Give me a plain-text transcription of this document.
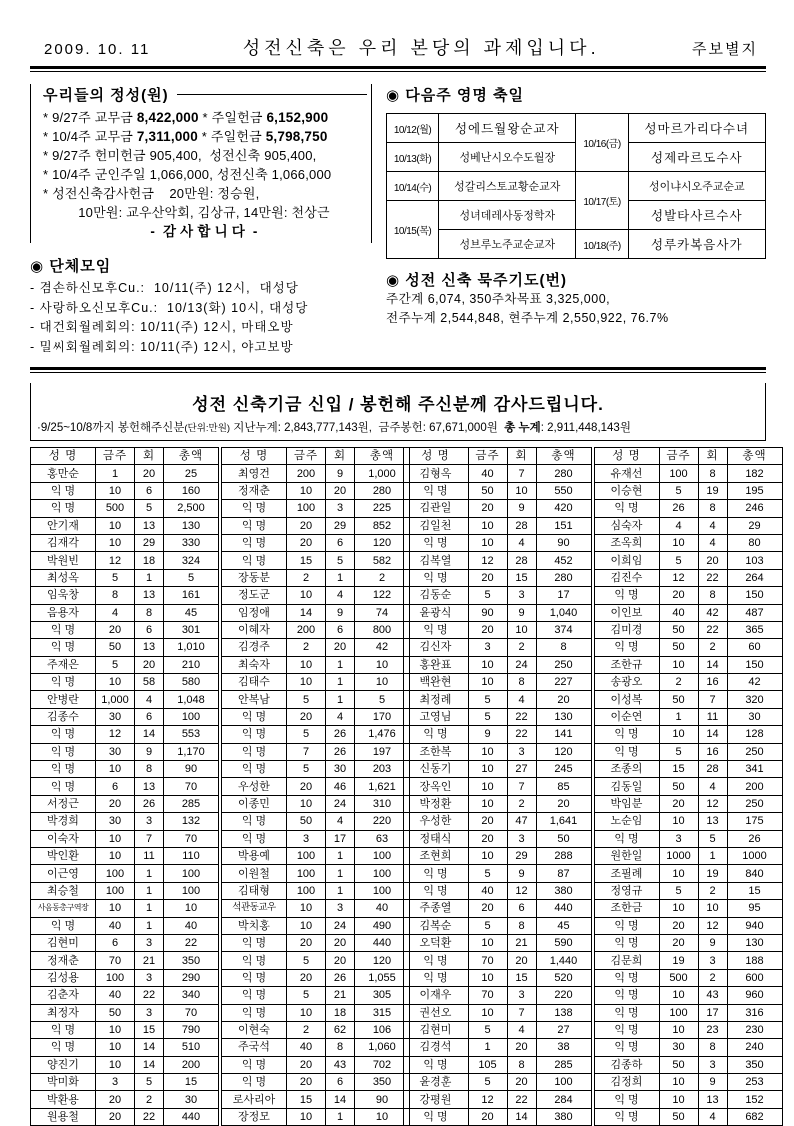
2009. 10. 11	성전신축은 우리 본당의 과제입니다.	주보별지
우리들의 정성(원)
* 9/27주 교무금 8,422,000 * 주일헌금 6,152,900
* 10/4주 교무금 7,311,000 * 주일헌금 5,798,750
* 9/27주 헌미헌금 905,400,  성전신축 905,400,
* 10/4주 군인주일 1,066,000, 성전신축 1,066,000
* 성전신축감사헌금    20만원: 정승원,
10만원: 교우산악회, 김상규, 14만원: 천상근
-  감 사 합 니 다  -
◉ 단체모임
- 겸손하신모후Cu.:  10/11(주) 12시,  대성당
- 사랑하오신모후Cu.:  10/13(화) 10시, 대성당
- 대건회월례회의: 10/11(주) 12시, 마태오방
- 밀씨회월례회의: 10/11(주) 12시, 야고보방
◉ 다음주 영명 축일
10/12(월)	성에드월왕순교자	10/16(금)	성마르가리다수녀
10/13(화)	성베난시오수도월장		성제라르도수사
10/14(수)	성갈리스토교황순교자	10/17(토)	성이냐시오주교순교
10/15(목)	성녀데레사동정학자		성발타사르수사
	성브루노주교순교자	10/18(주)	성루카복음사가
◉ 성전 신축 묵주기도(번)
주간계 6,074, 350주차목표 3,325,000,
전주누계 2,544,848, 현주누계 2,550,922, 76.7%
성전 신축기금 신입 / 봉헌해 주신분께 감사드립니다.
·9/25~10/8까지 봉헌해주신분(단위:만원) 지난누계: 2,843,777,143원,  금주봉헌: 67,671,000원  총 누계: 2,911,448,143원
성 명	금주	회	총액
홍만순	1	20	25
익 명	10	6	160
익 명	500	5	2,500
안기재	10	13	130
김재각	10	29	330
박원빈	12	18	324
최성옥	5	1	5
임욱창	8	13	161
음용자	4	8	45
익 명	20	6	301
익 명	50	13	1,010
주재은	5	20	210
익 명	10	58	580
안병란	1,000	4	1,048
김종수	30	6	100
익 명	12	14	553
익 명	30	9	1,170
익 명	10	8	90
익 명	6	13	70
서정근	20	26	285
박경희	30	3	132
이숙자	10	7	70
박인환	10	11	110
이근영	100	1	100
최승철	100	1	100
사음동총구역장	10	1	10
익 명	40	1	40
김현미	6	3	22
정재춘	70	21	350
김성용	100	3	290
김춘자	40	22	340
최정자	50	3	70
익 명	10	15	790
익 명	10	14	510
양진기	10	14	200
박미화	3	5	15
박환용	20	2	30
원용철	20	22	440
성 명	금주	회	총액
최영건	200	9	1,000
정재춘	10	20	280
익 명	100	3	225
익 명	20	29	852
익 명	20	6	120
익 명	15	5	582
장동분	2	1	2
정도군	10	4	122
임정애	14	9	74
이혜자	200	6	800
김경주	2	20	42
최숙자	10	1	10
김태수	10	1	10
안복남	5	1	5
익 명	20	4	170
익 명	5	26	1,476
익 명	7	26	197
익 명	5	30	203
우성한	20	46	1,621
이종민	10	24	310
익 명	50	4	220
익 명	3	17	63
박용예	100	1	100
이원철	100	1	100
김태형	100	1	100
석관동교우	10	3	40
박치홍	10	24	490
익 명	20	20	440
익 명	5	20	120
익 명	20	26	1,055
익 명	5	21	305
익 명	10	18	315
이현숙	2	62	106
주국석	40	8	1,060
익 명	20	43	702
익 명	20	6	350
로사리아	15	14	90
장정모	10	1	10
성 명	금주	회	총액
김형옥	40	7	280
익 명	50	10	550
김관일	20	9	420
김일천	10	28	151
익 명	10	4	90
김복열	12	28	452
익 명	20	15	280
김동순	5	3	17
윤광식	90	9	1,040
익 명	20	10	374
김신자	3	2	8
홍완표	10	24	250
백완현	10	8	227
최정례	5	4	20
고영님	5	22	130
익 명	9	22	141
조한복	10	3	120
신동기	10	27	245
장옥인	10	7	85
박정환	10	2	20
우성한	20	47	1,641
정태식	20	3	50
조현희	10	29	288
익 명	5	9	87
익 명	40	12	380
주종열	20	6	440
김복순	5	8	45
오덕환	10	21	590
익 명	70	20	1,440
익 명	10	15	520
이재우	70	3	220
권선오	10	7	138
김현미	5	4	27
김경석	1	20	38
익 명	105	8	285
윤경훈	5	20	100
강평원	12	22	284
익 명	20	14	380
성 명	금주	회	총액
유재선	100	8	182
이승현	5	19	195
익 명	26	8	246
심숙자	4	4	29
조옥희	10	4	80
이희임	5	20	103
김진수	12	22	264
익 명	20	8	150
이인보	40	42	487
김미경	50	22	365
익 명	50	2	60
조한규	10	14	150
송광오	2	16	42
이성복	50	7	320
이순연	1	11	30
익 명	10	14	128
익 명	5	16	250
조종의	15	28	341
김동일	50	4	200
박임분	20	12	250
노순임	10	13	175
익 명	3	5	26
원한일	1000	1	1000
조필례	10	19	840
정영규	5	2	15
조한금	10	10	95
익 명	20	12	940
익 명	20	9	130
김문희	19	3	188
익 명	500	2	600
익 명	10	43	960
익 명	100	17	316
익 명	10	23	230
익 명	30	8	240
김종하	50	3	350
김정희	10	9	253
익 명	10	13	152
익 명	50	4	682
